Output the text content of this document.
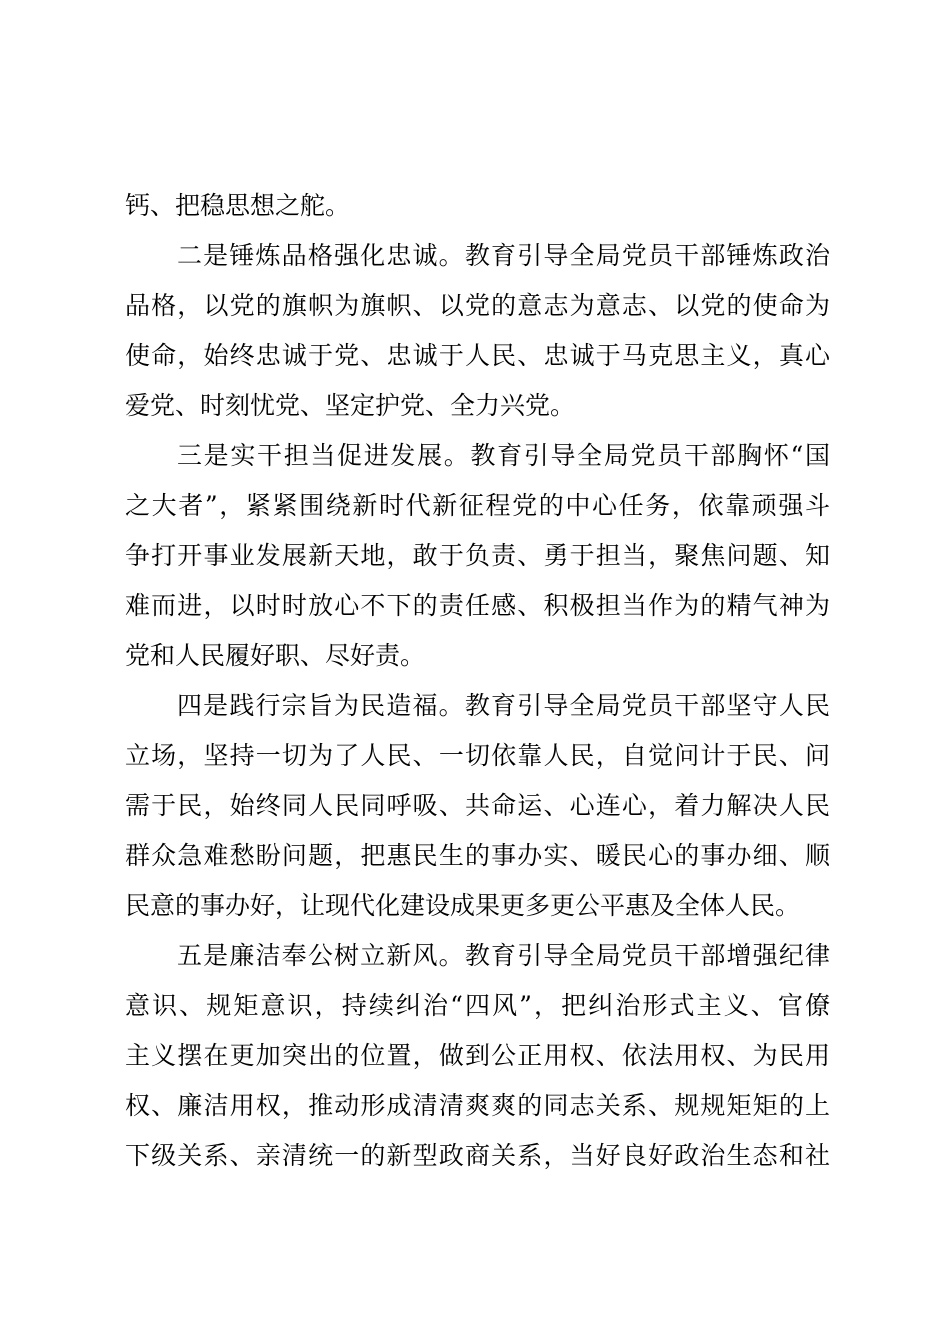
钙、把稳思想之舵。
二是锤炼品格强化忠诚。教育引导全局党员干部锤炼政治
品格，以党的旗帜为旗帜、以党的意志为意志、以党的使命为
使命，始终忠诚于党、忠诚于人民、忠诚于马克思主义，真心
爱党、时刻忧党、坚定护党、全力兴党。
三是实干担当促进发展。教育引导全局党员干部胸怀“国
之大者”，紧紧围绕新时代新征程党的中心任务，依靠顽强斗
争打开事业发展新天地，敢于负责、勇于担当，聚焦问题、知
难而进，以时时放心不下的责任感、积极担当作为的精气神为
党和人民履好职、尽好责。
四是践行宗旨为民造福。教育引导全局党员干部坚守人民
立场，坚持一切为了人民、一切依靠人民，自觉问计于民、问
需于民，始终同人民同呼吸、共命运、心连心，着力解决人民
群众急难愁盼问题，把惠民生的事办实、暖民心的事办细、顺
民意的事办好，让现代化建设成果更多更公平惠及全体人民。
五是廉洁奉公树立新风。教育引导全局党员干部增强纪律
意识、规矩意识，持续纠治“四风”，把纠治形式主义、官僚
主义摆在更加突出的位置，做到公正用权、依法用权、为民用
权、廉洁用权，推动形成清清爽爽的同志关系、规规矩矩的上
下级关系、亲清统一的新型政商关系，当好良好政治生态和社
